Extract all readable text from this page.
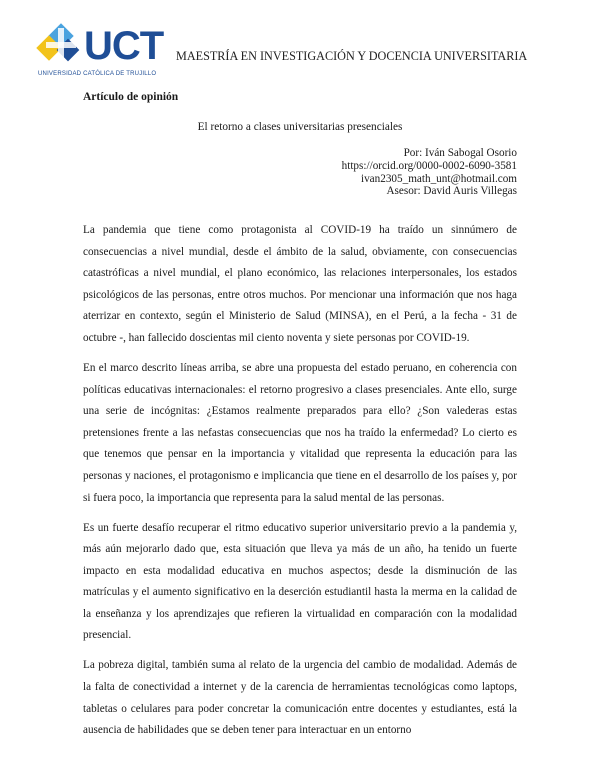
UCT
UNIVERSIDAD CATÓLICA DE TRUJILLO
MAESTRÍA EN INVESTIGACIÓN Y DOCENCIA UNIVERSITARIA
Artículo de opinión
El retorno a clases universitarias presenciales
Por: Iván Sabogal Osorio
https://orcid.org/0000-0002-6090-3581
ivan2305_math_unt@hotmail.com
Asesor: David Auris Villegas

La pandemia que tiene como protagonista al COVID-19 ha traído un sinnúmero de consecuencias a nivel mundial, desde el ámbito de la salud, obviamente, con consecuencias catastróficas a nivel mundial, el plano económico, las relaciones interpersonales, los estados psicológicos de las personas, entre otros muchos. Por mencionar una información que nos haga aterrizar en contexto, según el Ministerio de Salud (MINSA), en el Perú, a la fecha - 31 de octubre -, han fallecido doscientas mil ciento noventa y siete personas por COVID-19.

En el marco descrito líneas arriba, se abre una propuesta del estado peruano, en coherencia con políticas educativas internacionales: el retorno progresivo a clases presenciales. Ante ello, surge una serie de incógnitas: ¿Estamos realmente preparados para ello? ¿Son valederas estas pretensiones frente a las nefastas consecuencias que nos ha traído la enfermedad? Lo cierto es que tenemos que pensar en la importancia y vitalidad que representa la educación para las personas y naciones, el protagonismo e implicancia que tiene en el desarrollo de los países y, por si fuera poco, la importancia que representa para la salud mental de las personas.

Es un fuerte desafío recuperar el ritmo educativo superior universitario previo a la pandemia y, más aún mejorarlo dado que, esta situación que lleva ya más de un año, ha tenido un fuerte impacto en esta modalidad educativa en muchos aspectos; desde la disminución de las matrículas y el aumento significativo en la deserción estudiantil hasta la merma en la calidad de la enseñanza y los aprendizajes que refieren la virtualidad en comparación con la modalidad presencial.

La pobreza digital, también suma al relato de la urgencia del cambio de modalidad. Además de la falta de conectividad a internet y de la carencia de herramientas tecnológicas como laptops, tabletas o celulares para poder concretar la comunicación entre docentes y estudiantes, está la ausencia de habilidades que se deben tener para interactuar en un entorno
